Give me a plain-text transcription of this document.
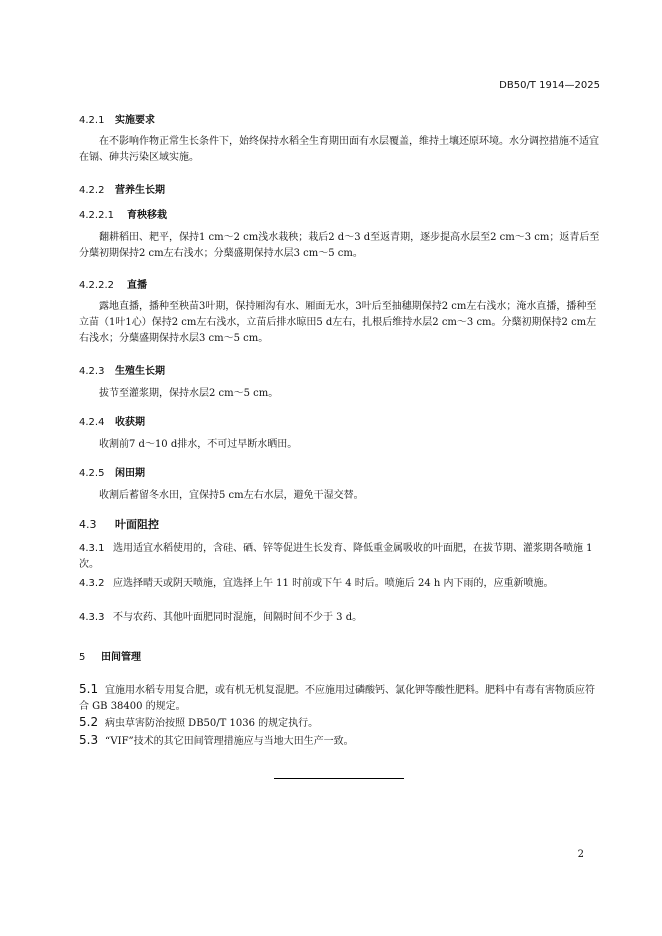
DB50/T 1914—2025
4.2.1 实施要求
在不影响作物正常生长条件下，始终保持水稻全生育期田面有水层覆盖，维持土壤还原环境。水分调控措施不适宜在镉、砷共污染区域实施。
4.2.2 营养生长期
4.2.2.1 育秧移栽
翻耕稻田、耙平，保持1 cm～2 cm浅水栽秧；栽后2 d～3 d至返青期，逐步提高水层至2 cm～3 cm；返青后至分蘖初期保持2 cm左右浅水；分蘖盛期保持水层3 cm～5 cm。
4.2.2.2 直播
露地直播，播种至秧苗3叶期，保持厢沟有水、厢面无水，3叶后至抽穗期保持2 cm左右浅水；淹水直播，播种至立苗（1叶1心）保持2 cm左右浅水，立苗后排水晾田5 d左右，扎根后维持水层2 cm～3 cm。分蘖初期保持2 cm左右浅水；分蘖盛期保持水层3 cm～5 cm。
4.2.3 生殖生长期
拔节至灌浆期，保持水层2 cm～5 cm。
4.2.4 收获期
收割前7 d～10 d排水，不可过早断水晒田。
4.2.5 闲田期
收割后蓄留冬水田，宜保持5 cm左右水层，避免干湿交替。
4.3 叶面阻控
4.3.1 选用适宜水稻使用的，含硅、硒、锌等促进生长发育、降低重金属吸收的叶面肥，在拔节期、灌浆期各喷施 1 次。
4.3.2 应选择晴天或阴天喷施，宜选择上午 11 时前或下午 4 时后。喷施后 24 h 内下雨的，应重新喷施。
4.3.3 不与农药、其他叶面肥同时混施，间隔时间不少于 3 d。
5 田间管理
5.1 宜施用水稻专用复合肥，或有机无机复混肥。不应施用过磷酸钙、氯化钾等酸性肥料。肥料中有毒有害物质应符合 GB 38400 的规定。
5.2 病虫草害防治按照 DB50/T 1036 的规定执行。
5.3 “VIF”技术的其它田间管理措施应与当地大田生产一致。
2
